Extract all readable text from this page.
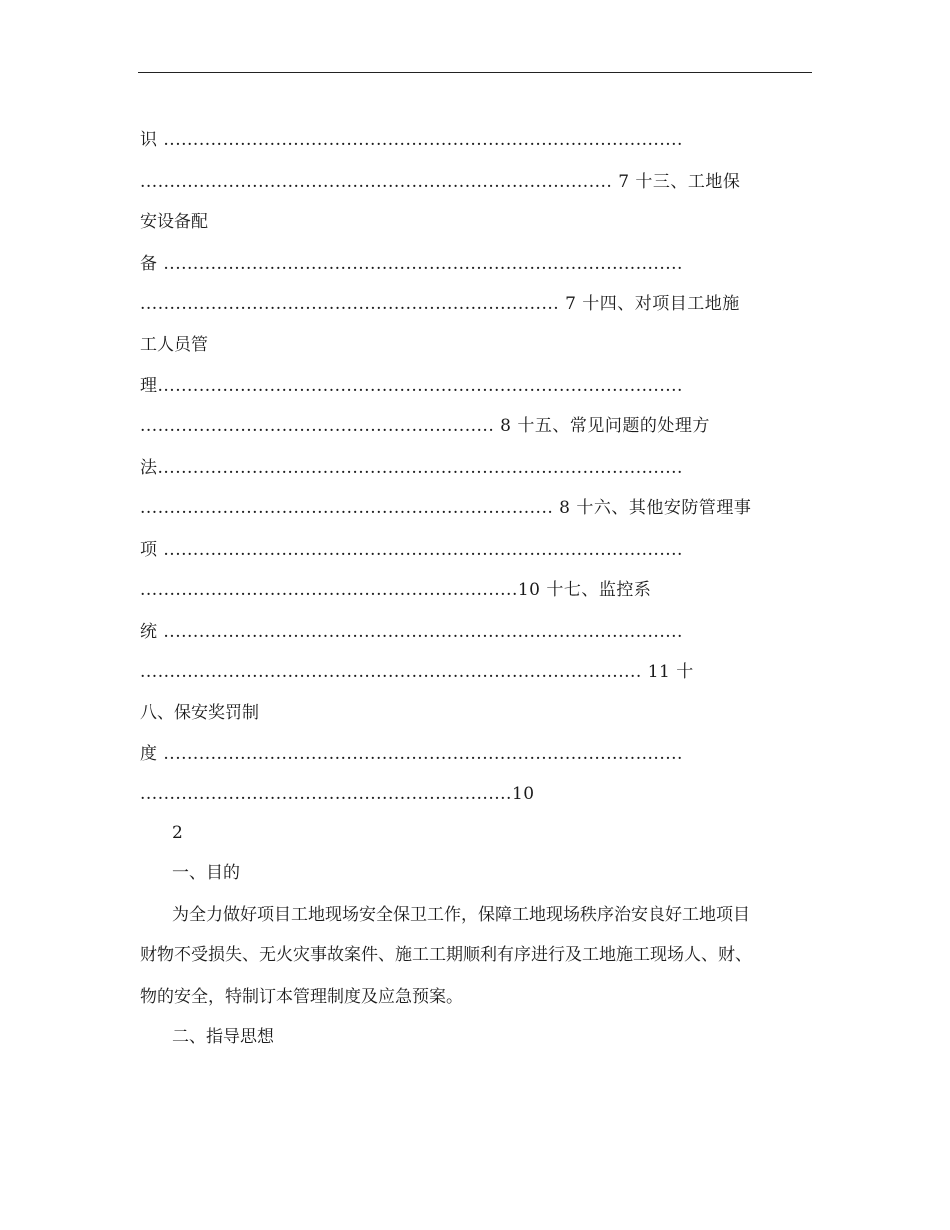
识 ........................................................................................
................................................................................ 7 十三、工地保
安设备配
备 ........................................................................................
....................................................................... 7 十四、对项目工地施
工人员管
理.........................................................................................
............................................................ 8 十五、常见问题的处理方
法.........................................................................................
...................................................................... 8 十六、其他安防管理事
项 ........................................................................................
................................................................10 十七、监控系
统 ........................................................................................
..................................................................................... 11 十
八、保安奖罚制
度 ........................................................................................
...............................................................10
2
一、目的
为全力做好项目工地现场安全保卫工作，保障工地现场秩序治安良好工地项目
财物不受损失、无火灾事故案件、施工工期顺利有序进行及工地施工现场人、财、
物的安全，特制订本管理制度及应急预案。
二、指导思想
